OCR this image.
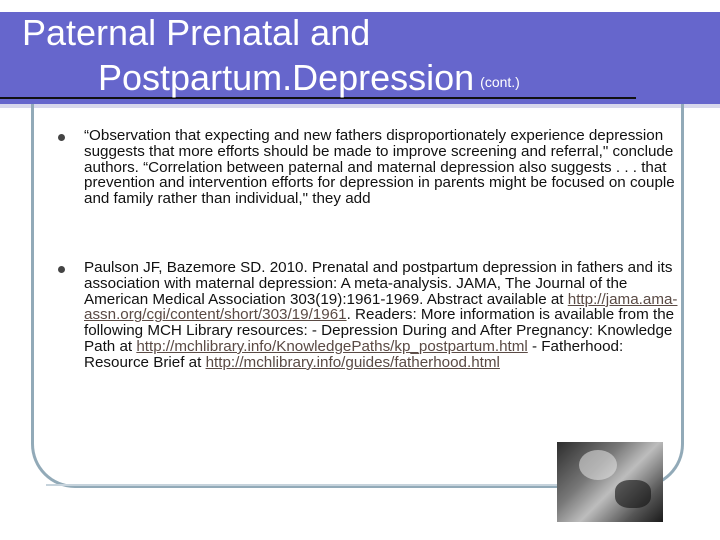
Paternal Prenatal and
Postpartum.Depression (cont.)
“Observation that expecting and new fathers disproportionately experience depression suggests that more efforts should be made to improve screening and referral," conclude authors. “Correlation between paternal and maternal depression also suggests . . . that prevention and intervention efforts for depression in parents might be focused on couple and family rather than individual," they add
Paulson JF, Bazemore SD. 2010. Prenatal and postpartum depression in fathers and its association with maternal depression: A meta-analysis. JAMA, The Journal of the American Medical Association 303(19):1961-1969. Abstract available at http://jama.ama-assn.org/cgi/content/short/303/19/1961. Readers: More information is available from the following MCH Library resources: - Depression During and After Pregnancy: Knowledge Path at http://mchlibrary.info/KnowledgePaths/kp_postpartum.html - Fatherhood: Resource Brief at http://mchlibrary.info/guides/fatherhood.html
